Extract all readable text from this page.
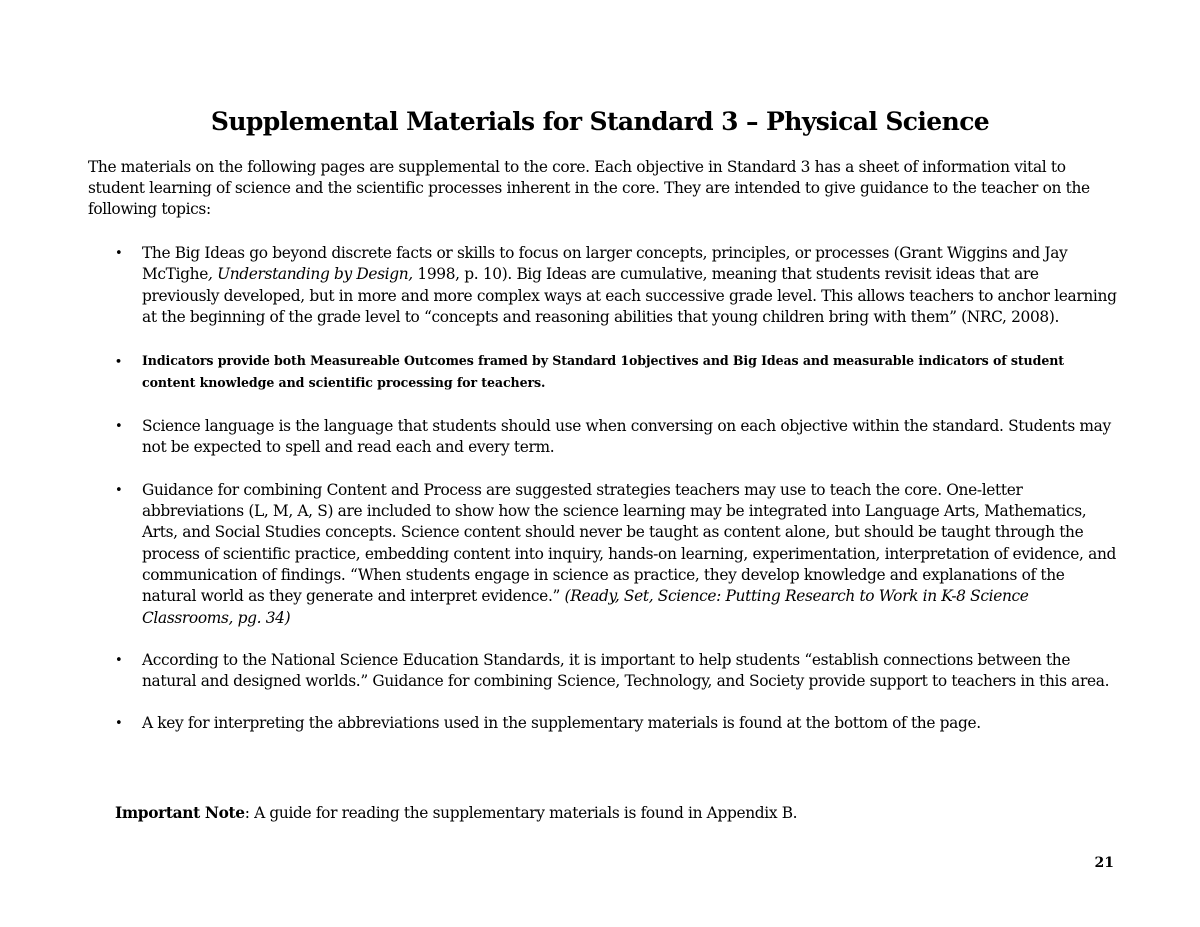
Supplemental Materials for Standard 3 – Physical Science

The materials on the following pages are supplemental to the core. Each objective in Standard 3 has a sheet of information vital to student learning of science and the scientific processes inherent in the core. They are intended to give guidance to the teacher on the following topics:

• The Big Ideas go beyond discrete facts or skills to focus on larger concepts, principles, or processes (Grant Wiggins and Jay McTighe, Understanding by Design, 1998, p. 10). Big Ideas are cumulative, meaning that students revisit ideas that are previously developed, but in more and more complex ways at each successive grade level. This allows teachers to anchor learning at the beginning of the grade level to “concepts and reasoning abilities that young children bring with them” (NRC, 2008).
• Indicators provide both Measureable Outcomes framed by Standard 1objectives and Big Ideas and measurable indicators of student content knowledge and scientific processing for teachers.
• Science language is the language that students should use when conversing on each objective within the standard. Students may not be expected to spell and read each and every term.
• Guidance for combining Content and Process are suggested strategies teachers may use to teach the core. One-letter abbreviations (L, M, A, S) are included to show how the science learning may be integrated into Language Arts, Mathematics, Arts, and Social Studies concepts. Science content should never be taught as content alone, but should be taught through the process of scientific practice, embedding content into inquiry, hands-on learning, experimentation, interpretation of evidence, and communication of findings. “When students engage in science as practice, they develop knowledge and explanations of the natural world as they generate and interpret evidence.” (Ready, Set, Science: Putting Research to Work in K-8 Science Classrooms, pg. 34)
• According to the National Science Education Standards, it is important to help students “establish connections between the natural and designed worlds.” Guidance for combining Science, Technology, and Society provide support to teachers in this area.
• A key for interpreting the abbreviations used in the supplementary materials is found at the bottom of the page.
Important Note: A guide for reading the supplementary materials is found in Appendix B.
21
